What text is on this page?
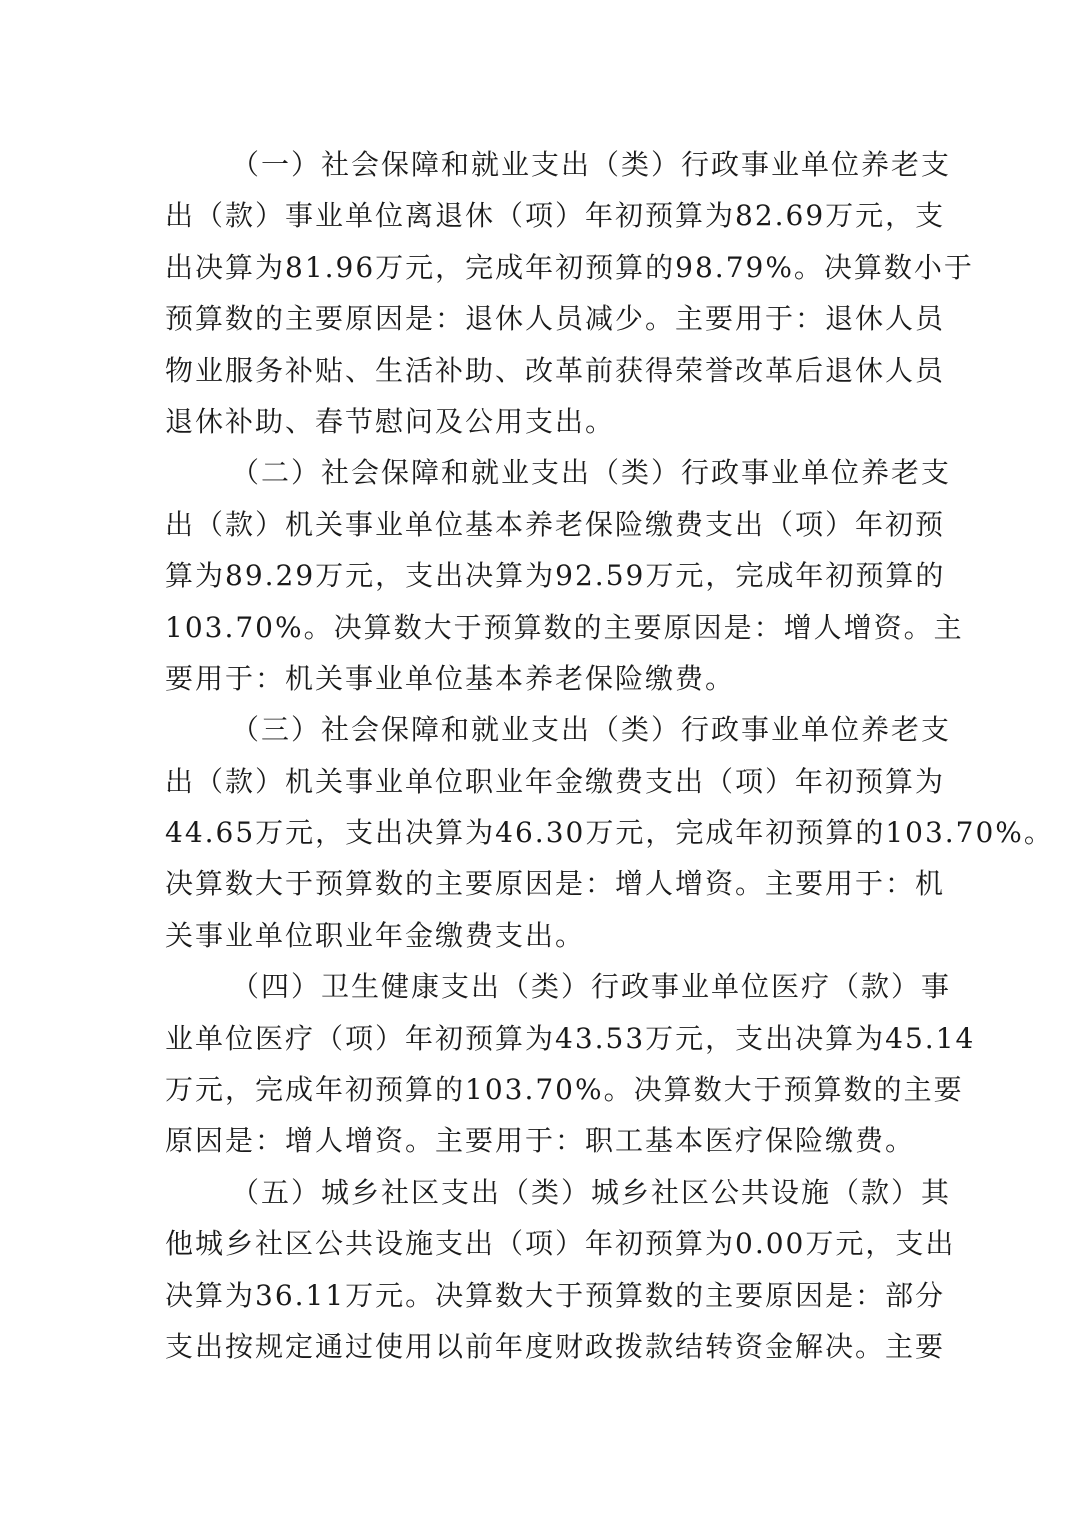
（一）社会保障和就业支出（类）行政事业单位养老支
出（款）事业单位离退休（项）年初预算为82.69万元，支
出决算为81.96万元，完成年初预算的98.79%。决算数小于
预算数的主要原因是：退休人员减少。主要用于：退休人员
物业服务补贴、生活补助、改革前获得荣誉改革后退休人员
退休补助、春节慰问及公用支出。
（二）社会保障和就业支出（类）行政事业单位养老支
出（款）机关事业单位基本养老保险缴费支出（项）年初预
算为89.29万元，支出决算为92.59万元，完成年初预算的
103.70%。决算数大于预算数的主要原因是：增人增资。主
要用于：机关事业单位基本养老保险缴费。
（三）社会保障和就业支出（类）行政事业单位养老支
出（款）机关事业单位职业年金缴费支出（项）年初预算为
44.65万元，支出决算为46.30万元，完成年初预算的103.70%。
决算数大于预算数的主要原因是：增人增资。主要用于：机
关事业单位职业年金缴费支出。
（四）卫生健康支出（类）行政事业单位医疗（款）事
业单位医疗（项）年初预算为43.53万元，支出决算为45.14
万元，完成年初预算的103.70%。决算数大于预算数的主要
原因是：增人增资。主要用于：职工基本医疗保险缴费。
（五）城乡社区支出（类）城乡社区公共设施（款）其
他城乡社区公共设施支出（项）年初预算为0.00万元，支出
决算为36.11万元。决算数大于预算数的主要原因是：部分
支出按规定通过使用以前年度财政拨款结转资金解决。主要
